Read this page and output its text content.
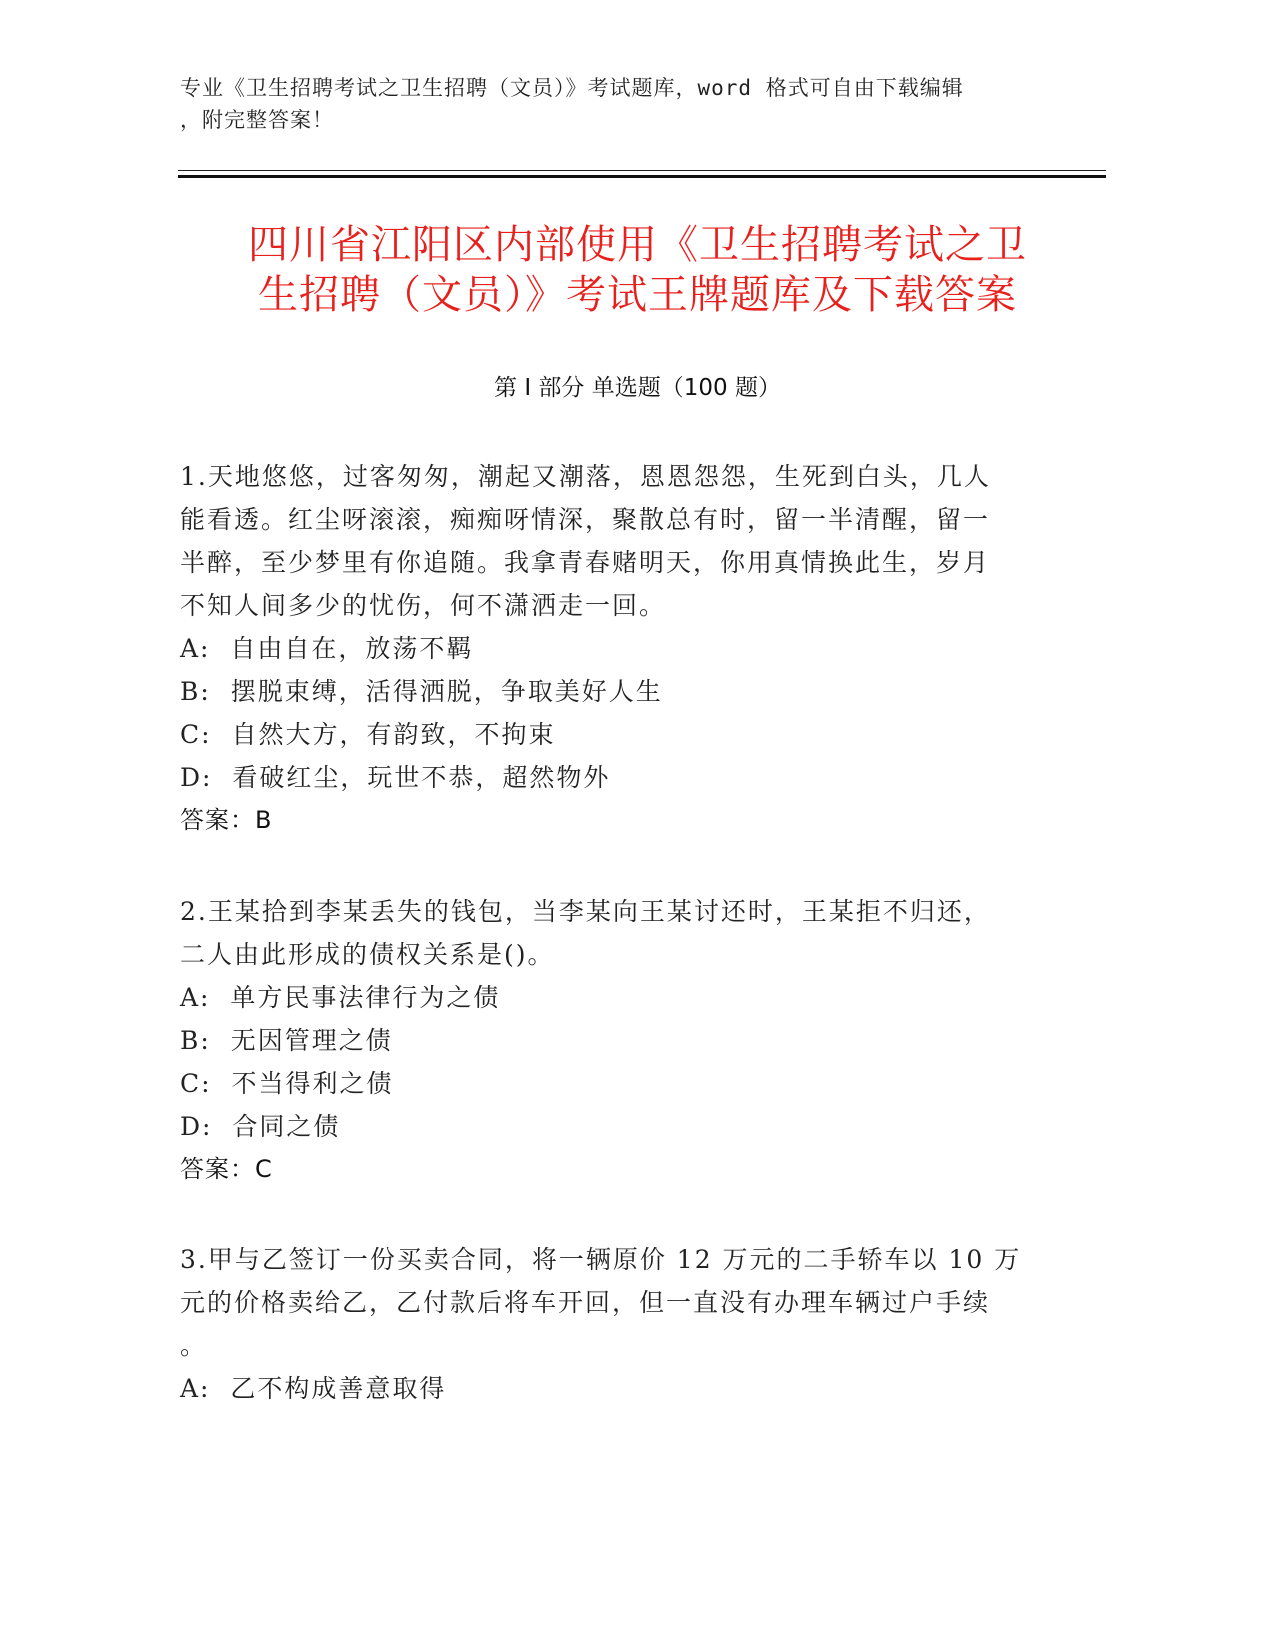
专业《卫生招聘考试之卫生招聘（文员）》考试题库，word 格式可自由下载编辑
，附完整答案！
四川省江阳区内部使用《卫生招聘考试之卫
生招聘（文员）》考试王牌题库及下载答案
第 I 部分 单选题（100 题）
1.天地悠悠，过客匆匆，潮起又潮落，恩恩怨怨，生死到白头，几人
能看透。红尘呀滚滚，痴痴呀情深，聚散总有时，留一半清醒，留一
半醉，至少梦里有你追随。我拿青春赌明天，你用真情换此生，岁月
不知人间多少的忧伤，何不潇洒走一回。
A:  自由自在，放荡不羁
B:  摆脱束缚，活得洒脱，争取美好人生
C:  自然大方，有韵致，不拘束
D:  看破红尘，玩世不恭，超然物外
答案：B
2.王某拾到李某丢失的钱包，当李某向王某讨还时，王某拒不归还，
二人由此形成的债权关系是()。
A:  单方民事法律行为之债
B:  无因管理之债
C:  不当得利之债
D:  合同之债
答案：C
3.甲与乙签订一份买卖合同，将一辆原价 12 万元的二手轿车以 10 万
元的价格卖给乙，乙付款后将车开回，但一直没有办理车辆过户手续
。
A:  乙不构成善意取得
